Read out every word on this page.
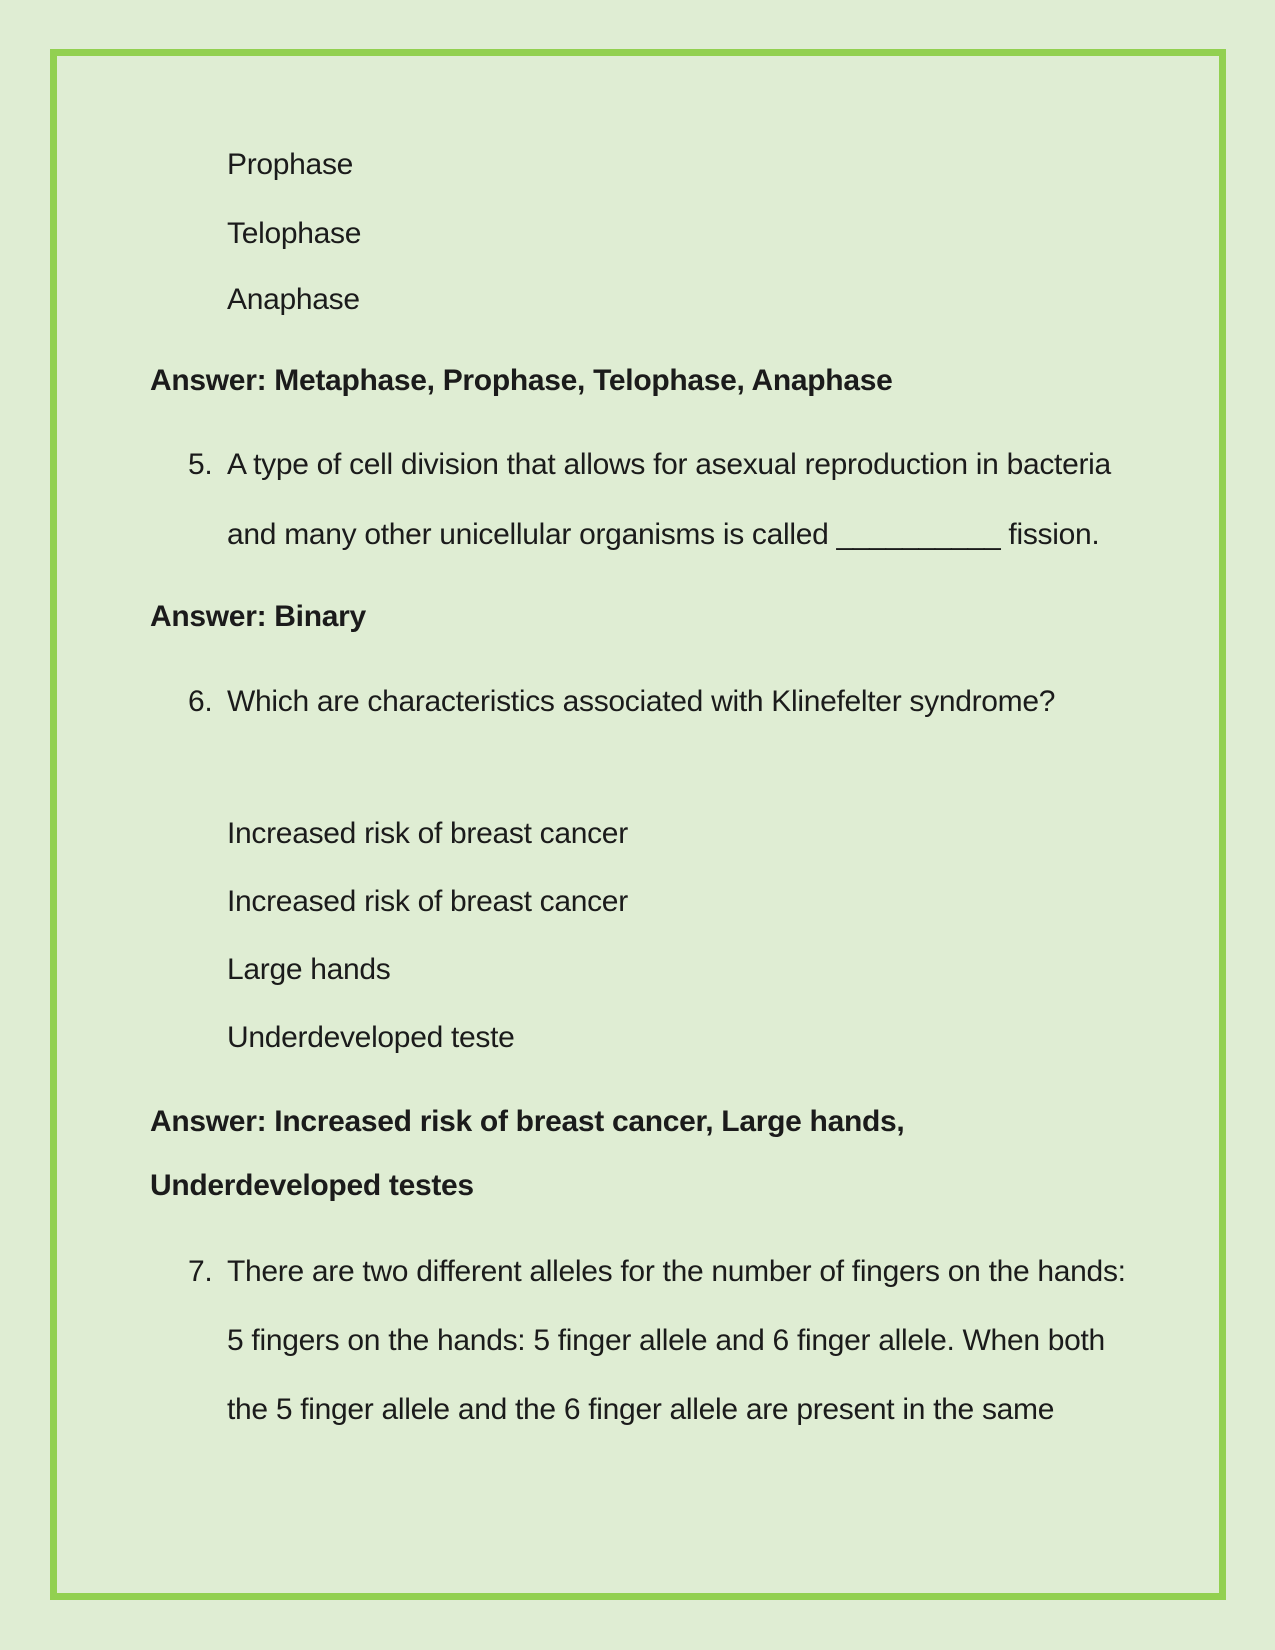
Prophase
Telophase
Anaphase
Answer: Metaphase, Prophase, Telophase, Anaphase
5. A type of cell division that allows for asexual reproduction in bacteria
and many other unicellular organisms is called __________ fission.
Answer: Binary
6. Which are characteristics associated with Klinefelter syndrome?
Increased risk of breast cancer
Increased risk of breast cancer
Large hands
Underdeveloped teste
Answer: Increased risk of breast cancer, Large hands,
Underdeveloped testes
7. There are two different alleles for the number of fingers on the hands:
5 fingers on the hands: 5 finger allele and 6 finger allele. When both
the 5 finger allele and the 6 finger allele are present in the same
